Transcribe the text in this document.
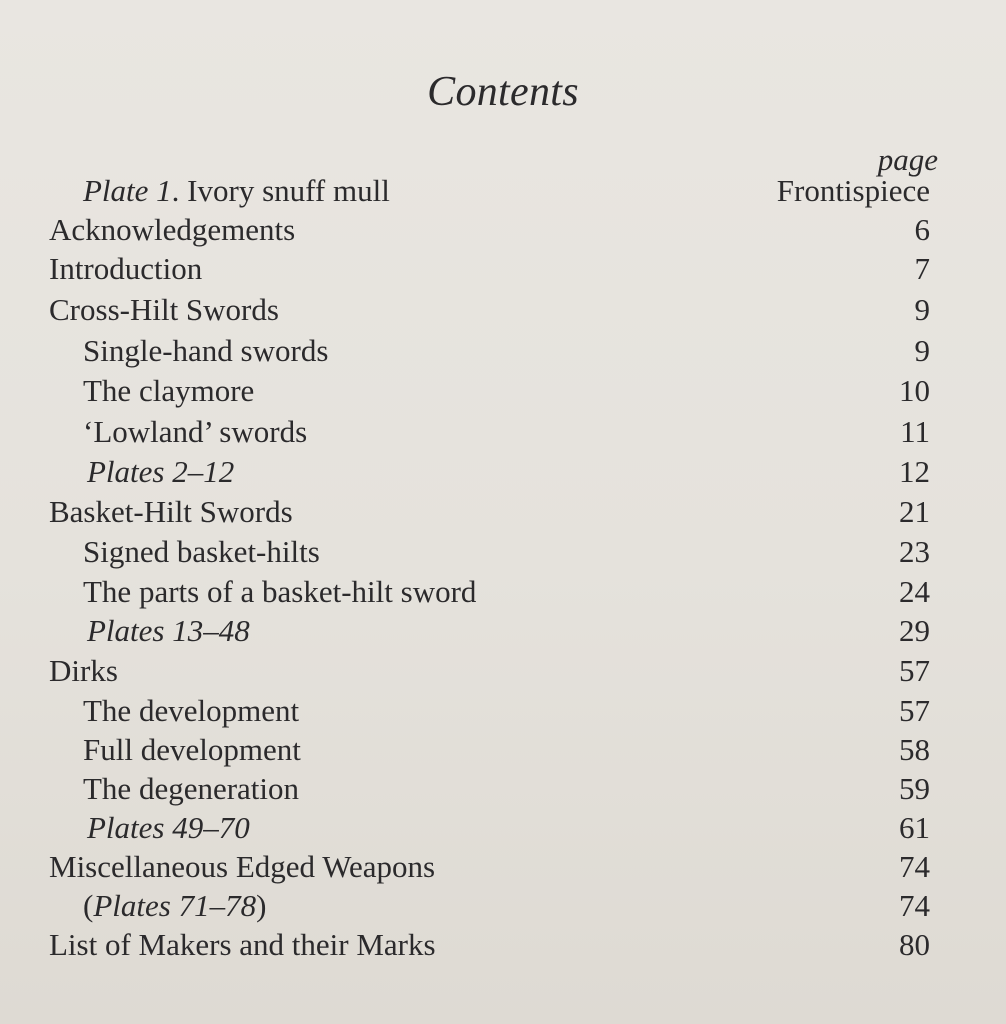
Contents
page
Plate 1. Ivory snuff mull	Frontispiece
Acknowledgements	6
Introduction	7
Cross-Hilt Swords	9
Single-hand swords	9
The claymore	10
‘Lowland’ swords	11
Plates 2–12	12
Basket-Hilt Swords	21
Signed basket-hilts	23
The parts of a basket-hilt sword	24
Plates 13–48	29
Dirks	57
The development	57
Full development	58
The degeneration	59
Plates 49–70	61
Miscellaneous Edged Weapons	74
(Plates 71–78)	74
List of Makers and their Marks	80
